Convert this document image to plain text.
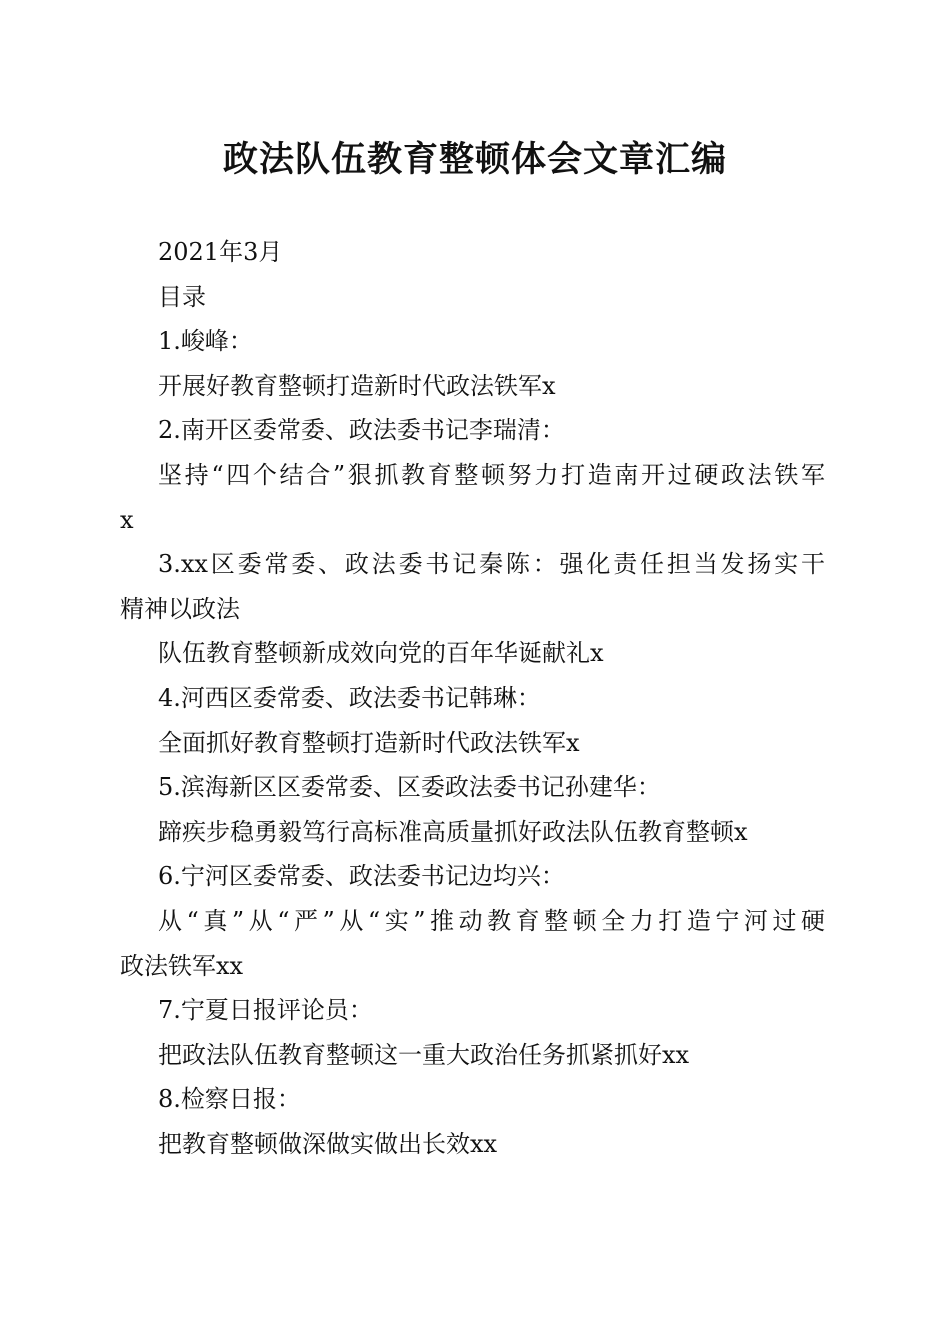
政法队伍教育整顿体会文章汇编
2021年3月
目录
1.峻峰：
开展好教育整顿打造新时代政法铁军x
2.南开区委常委、政法委书记李瑞清：
坚持“四个结合”狠抓教育整顿努力打造南开过硬政法铁军
x
3.xx区委常委、政法委书记秦陈：强化责任担当发扬实干
精神以政法
队伍教育整顿新成效向党的百年华诞献礼x
4.河西区委常委、政法委书记韩琳：
全面抓好教育整顿打造新时代政法铁军x
5.滨海新区区委常委、区委政法委书记孙建华：
蹄疾步稳勇毅笃行高标准高质量抓好政法队伍教育整顿x
6.宁河区委常委、政法委书记边均兴：
从“真”从“严”从“实”推动教育整顿全力打造宁河过硬
政法铁军xx
7.宁夏日报评论员：
把政法队伍教育整顿这一重大政治任务抓紧抓好xx
8.检察日报：
把教育整顿做深做实做出长效xx
